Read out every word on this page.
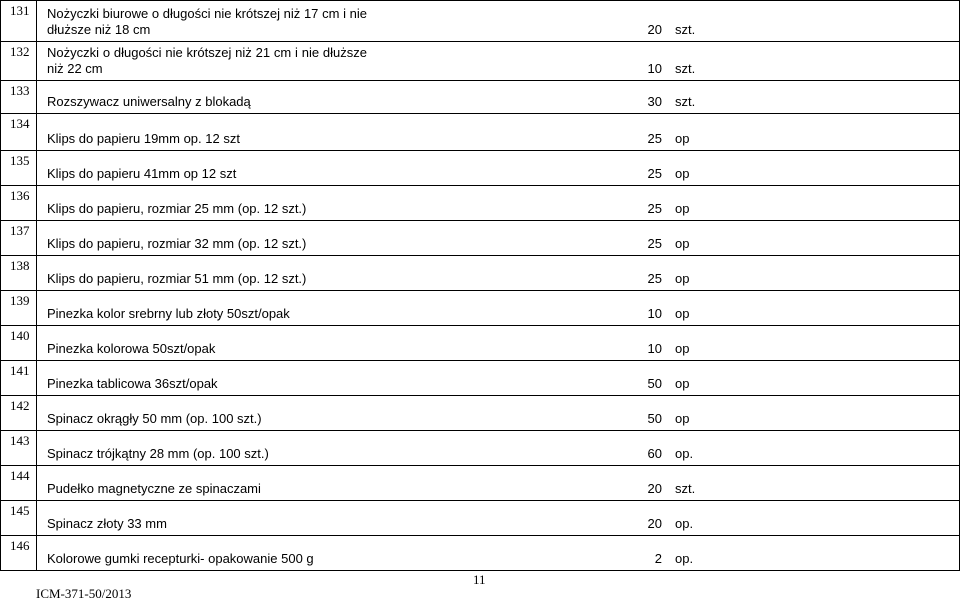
131	Nożyczki biurowe o długości nie krótszej niż 17 cm i nie dłuższe niż 18 cm 20 szt.

132	Nożyczki o długości nie krótszej niż 21 cm i nie dłuższe niż 22 cm 10 szt.

133	Rozszywacz uniwersalny z blokadą 30 szt.

134	Klips do papieru 19mm op. 12 szt 25 op

135	Klips do papieru 41mm op 12 szt 25 op

136	Klips do papieru, rozmiar 25 mm (op. 12 szt.) 25 op

137	Klips do papieru, rozmiar 32 mm (op. 12 szt.) 25 op

138	Klips do papieru, rozmiar 51 mm (op. 12 szt.) 25 op

139	Pinezka kolor srebrny lub złoty 50szt/opak 10 op

140	Pinezka kolorowa 50szt/opak 10 op

141	Pinezka tablicowa 36szt/opak 50 op

142	Spinacz okrągły 50 mm (op. 100 szt.) 50 op

143	Spinacz trójkątny 28 mm (op. 100 szt.) 60 op.

144	Pudełko magnetyczne ze spinaczami 20 szt.

145	Spinacz złoty 33 mm 20 op.

146	Kolorowe gumki recepturki- opakowanie 500 g 2 op.
11
ICM-371-50/2013
